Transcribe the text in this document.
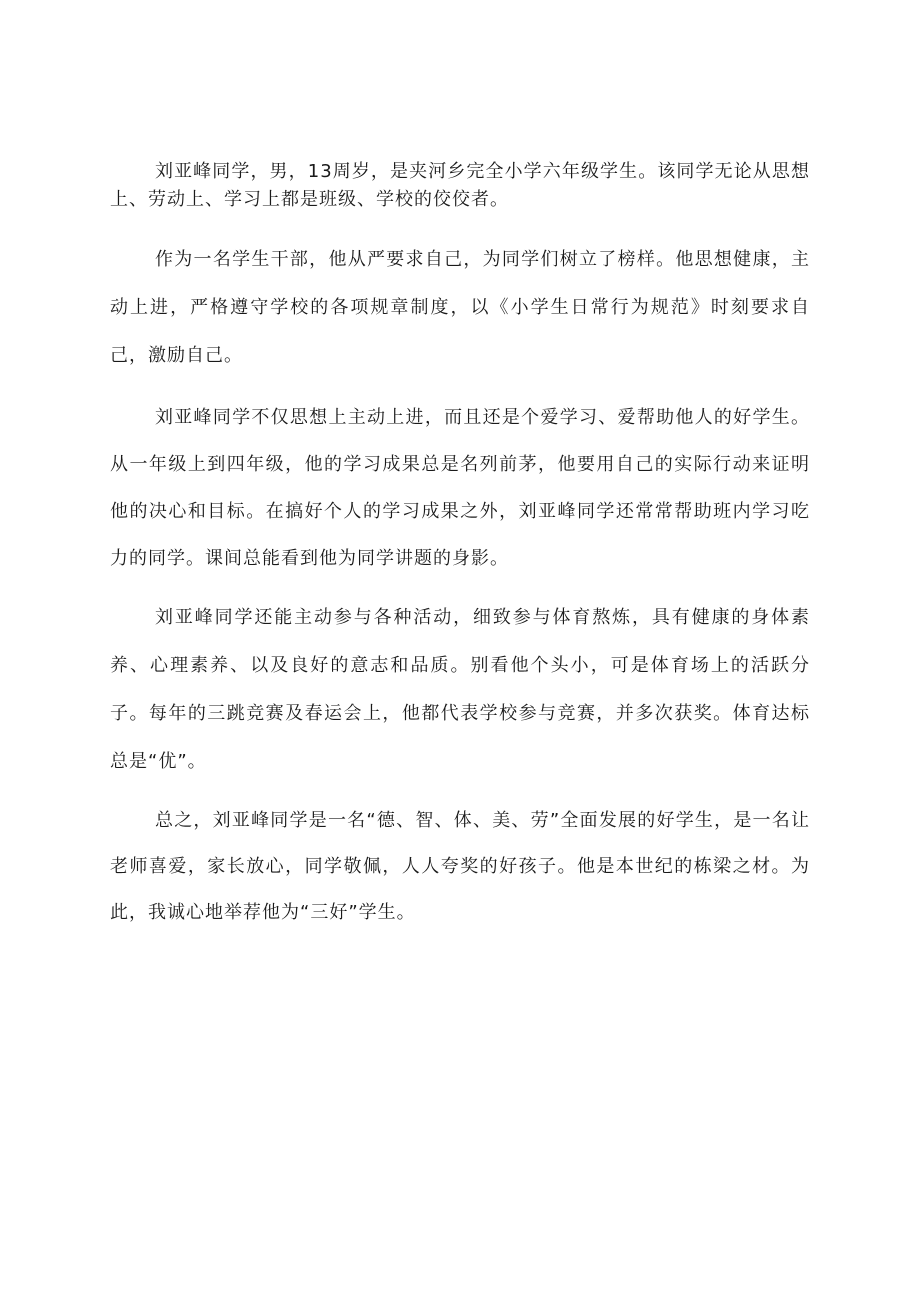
刘亚峰同学，男，13周岁，是夹河乡完全小学六年级学生。该同学无论从思想上、劳动上、学习上都是班级、学校的佼佼者。

作为一名学生干部，他从严要求自己，为同学们树立了榜样。他思想健康，主动上进，严格遵守学校的各项规章制度，以《小学生日常行为规范》时刻要求自己，激励自己。

刘亚峰同学不仅思想上主动上进，而且还是个爱学习、爱帮助他人的好学生。从一年级上到四年级，他的学习成果总是名列前茅，他要用自己的实际行动来证明他的决心和目标。在搞好个人的学习成果之外，刘亚峰同学还常常帮助班内学习吃力的同学。课间总能看到他为同学讲题的身影。

刘亚峰同学还能主动参与各种活动，细致参与体育熬炼，具有健康的身体素养、心理素养、以及良好的意志和品质。别看他个头小，可是体育场上的活跃分子。每年的三跳竞赛及春运会上，他都代表学校参与竞赛，并多次获奖。体育达标总是“优”。

总之，刘亚峰同学是一名“德、智、体、美、劳”全面发展的好学生，是一名让老师喜爱，家长放心，同学敬佩，人人夸奖的好孩子。他是本世纪的栋梁之材。为此，我诚心地举荐他为“三好”学生。
